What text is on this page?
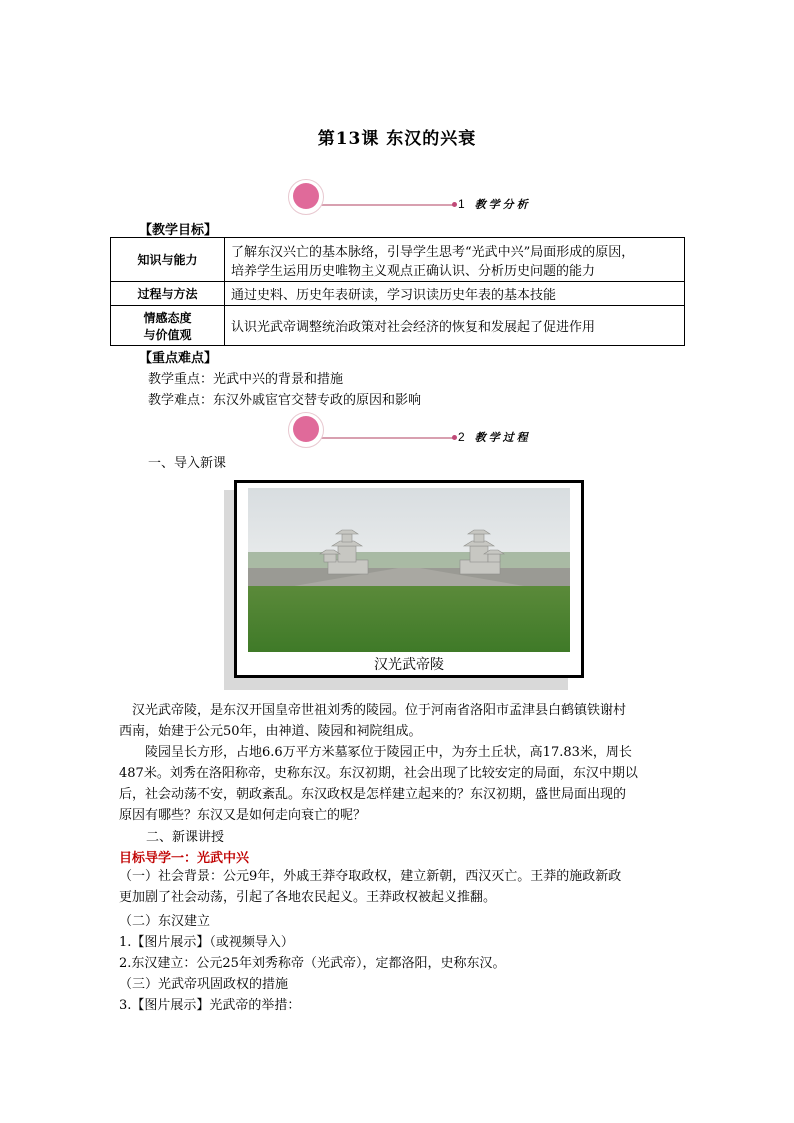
第13课 东汉的兴衰
1 教学分析
【教学目标】
知识与能力	了解东汉兴亡的基本脉络，引导学生思考“光武中兴”局面形成的原因，
培养学生运用历史唯物主义观点正确认识、分析历史问题的能力

过程与方法	通过史料、历史年表研读，学习识读历史年表的基本技能

情感态度
与价值观	认识光武帝调整统治政策对社会经济的恢复和发展起了促进作用
【重点难点】
教学重点：光武中兴的背景和措施
教学难点：东汉外戚宦官交替专政的原因和影响
2 教学过程
一、导入新课
汉光武帝陵
汉光武帝陵，是东汉开国皇帝世祖刘秀的陵园。位于河南省洛阳市孟津县白鹤镇铁谢村
西南，始建于公元50年，由神道、陵园和祠院组成。
陵园呈长方形，占地6.6万平方米墓冢位于陵园正中，为夯土丘状，高17.83米，周长
487米。刘秀在洛阳称帝，史称东汉。东汉初期，社会出现了比较安定的局面，东汉中期以
后，社会动荡不安，朝政紊乱。东汉政权是怎样建立起来的？东汉初期，盛世局面出现的
原因有哪些？东汉又是如何走向衰亡的呢？
二、新课讲授
目标导学一：光武中兴
（一）社会背景：公元9年，外戚王莽夺取政权，建立新朝，西汉灭亡。王莽的施政新政
更加剧了社会动荡，引起了各地农民起义。王莽政权被起义推翻。
（二）东汉建立
1.【图片展示】（或视频导入）
2.东汉建立：公元25年刘秀称帝（光武帝），定都洛阳，史称东汉。
（三）光武帝巩固政权的措施
3.【图片展示】光武帝的举措：
